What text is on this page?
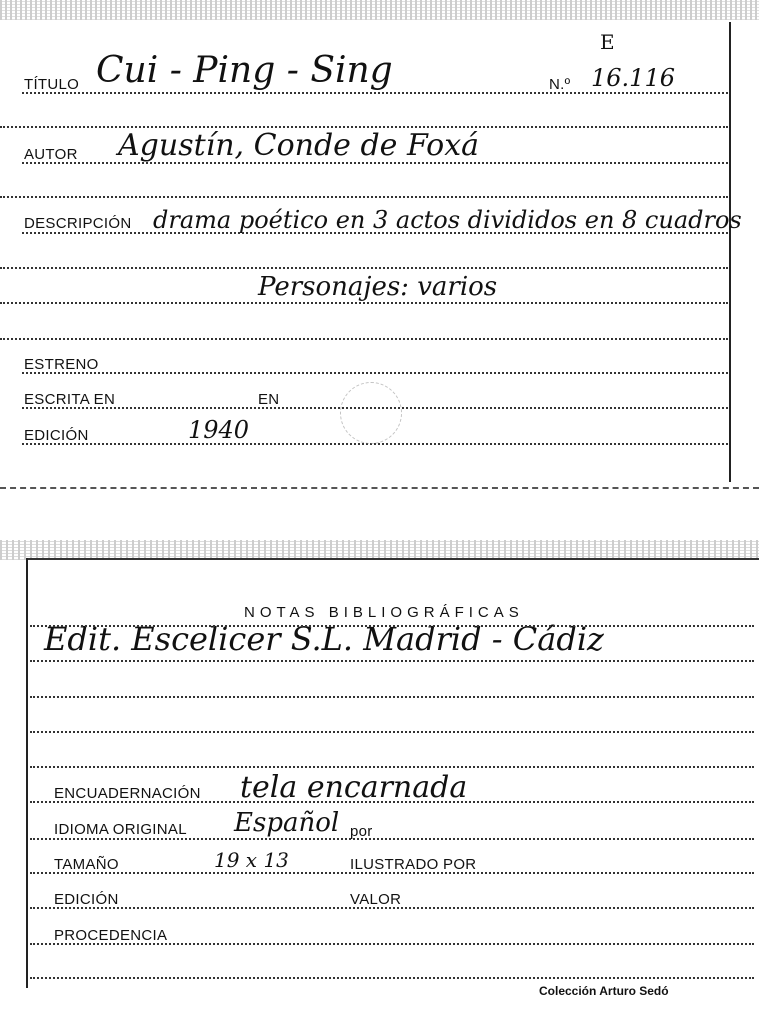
E
TÍTULO Cui - Ping - Sing	N.º 16.116
AUTOR Agustín, Conde de Foxá
DESCRIPCIÓN drama poético en 3 actos divididos en 8 cuadros
Personajes: varios
ESTRENO
ESCRITA EN	EN
EDICIÓN	1940
NOTAS BIBLIOGRÁFICAS
Edit. Escelicer S.L. Madrid - Cádiz
ENCUADERNACIÓN tela encarnada
IDIOMA ORIGINAL Español por
TAMAÑO	19 x 13	ILUSTRADO POR
EDICIÓN	VALOR
PROCEDENCIA
Colección Arturo Sedó
